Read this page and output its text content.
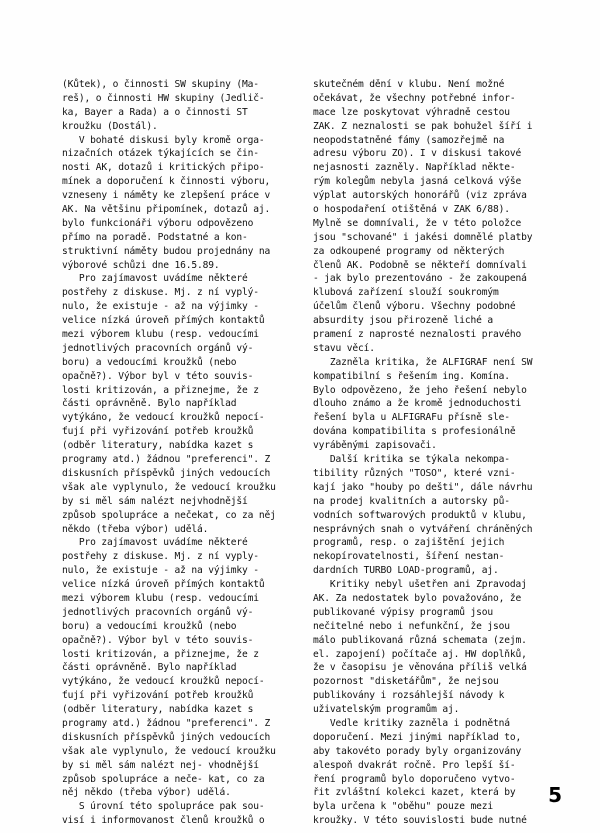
(Kůtek), o činnosti SW skupiny (Ma-
reš), o činnosti HW skupiny (Jedlič-
ka, Bayer a Rada) a o činnosti ST
kroužku (Dostál).
V bohaté diskusi byly kromě orga-
nizačních otázek týkajících se čin-
nosti AK, dotazů i kritických připo-
mínek a doporučení k činnosti výboru,
vzneseny i náměty ke zlepšení práce v
AK. Na většinu připomínek, dotazů aj.
bylo funkcionáři výboru odpovězeno
přímo na poradě. Podstatné a kon-
struktivní náměty budou projednány na
výborové schůzi dne 16.5.89.
Pro zajímavost uvádíme některé
postřehy z diskuse. Mj. z ní vyplý-
nulo, že existuje - až na výjimky -
velice nízká úroveň přímých kontaktů
mezi výborem klubu (resp. vedoucími
jednotlivých pracovních orgánů vý-
boru) a vedoucími kroužků (nebo
opačně?). Výbor byl v této souvis-
losti kritizován, a přiznejme, že z
části oprávněně. Bylo například
vytýkáno, že vedoucí kroužků nepocí-
ťují při vyřizování potřeb kroužků
(odběr literatury, nabídka kazet s
programy atd.) žádnou "preferenci". Z
diskusních příspěvků jiných vedoucích
však ale vyplynulo, že vedoucí kroužku
by si měl sám nalézt nejvhodnější
způsob spolupráce a nečekat, co za něj
někdo (třeba výbor) udělá.
Pro zajímavost uvádíme některé
postřehy z diskuse. Mj. z ní vyply-
nulo, že existuje - až na výjimky -
velice nízká úroveň přímých kontaktů
mezi výborem klubu (resp. vedoucími
jednotlivých pracovních orgánů vý-
boru) a vedoucími kroužků (nebo
opačně?). Výbor byl v této souvis-
losti kritizován, a přiznejme, že z
části oprávněně. Bylo například
vytýkáno, že vedoucí kroužků nepocí-
ťují při vyřizování potřeb kroužků
(odběr literatury, nabídka kazet s
programy atd.) žádnou "preferenci". Z
diskusních příspěvků jiných vedoucích
však ale vyplynulo, že vedoucí kroužku
by si měl sám nalézt nej- vhodnější
způsob spolupráce a neče- kat, co za
něj někdo (třeba výbor) udělá.
S úrovní této spolupráce pak sou-
visí i informovanost členů kroužků o
skutečném dění v klubu. Není možné
očekávat, že všechny potřebné infor-
mace lze poskytovat výhradně cestou
ZAK. Z neznalosti se pak bohužel šíří i
neopodstatněné fámy (samozřejmě na
adresu výboru ZO). I v diskusi takové
nejasnosti zazněly. Například někte-
rým kolegům nebyla jasná celková výše
výplat autorských honorářů (viz zpráva
o hospodaření otištěná v ZAK 6/88).
Mylně se domnívali, že v této položce
jsou "schované" i jakési domnělé platby
za odkoupené programy od některých
členů AK. Podobně se někteří domnívali
- jak bylo prezentováno - že zakoupená
klubová zařízení slouží soukromým
účelům členů výboru. Všechny podobné
absurdity jsou přirozeně liché a
pramení z naprosté neznalosti pravého
stavu věcí.
Zazněla kritika, že ALFIGRAF není SW
kompatibilní s řešením ing. Komína.
Bylo odpovězeno, že jeho řešení nebylo
dlouho známo a že kromě jednoduchosti
řešení byla u ALFIGRAFu přísně sle-
dována kompatibilita s profesionálně
vyráběnými zapisovači.
Další kritika se týkala nekompa-
tibility různých "TOSO", které vzni-
kají jako "houby po dešti", dále návrhu
na prodej kvalitních a autorsky pů-
vodních softwarových produktů v klubu,
nesprávných snah o vytváření chráněných
programů, resp. o zajištění jejich
nekopírovatelnosti, šíření nestan-
dardních TURBO LOAD-programů, aj.
Kritiky nebyl ušetřen ani Zpravodaj
AK. Za nedostatek bylo považováno, že
publikované výpisy programů jsou
nečitelné nebo i nefunkční, že jsou
málo publikovaná různá schemata (zejm.
el. zapojení) počítače aj. HW doplňků,
že v časopisu je věnována příliš velká
pozornost "disketářům", že nejsou
publikovány i rozsáhlejší návody k
uživatelským programům aj.
Vedle kritiky zazněla i podnětná
doporučení. Mezi jinými například to,
aby takovéto porady byly organizovány
alespoň dvakrát ročně. Pro lepší ší-
ření programů bylo doporučeno vytvo-
řit zvláštní kolekci kazet, která by
byla určena k "oběhu" pouze mezi
kroužky. V této souvislosti bude nutné
5
